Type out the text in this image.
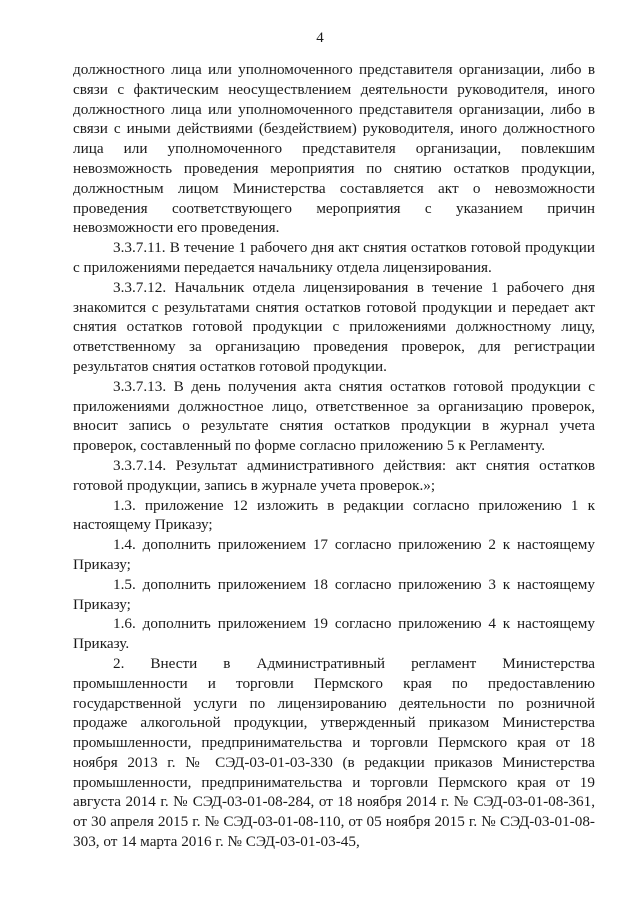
4

должностного лица или уполномоченного представителя организации, либо в связи с фактическим неосуществлением деятельности руководителя, иного должностного лица или уполномоченного представителя организации, либо в связи с иными действиями (бездействием) руководителя, иного должностного лица или уполномоченного представителя организации, повлекшим невозможность проведения мероприятия по снятию остатков продукции, должностным лицом Министерства составляется акт о невозможности проведения соответствующего мероприятия с указанием причин невозможности его проведения.

3.3.7.11. В течение 1 рабочего дня акт снятия остатков готовой продукции с приложениями передается начальнику отдела лицензирования.

3.3.7.12. Начальник отдела лицензирования в течение 1 рабочего дня знакомится с результатами снятия остатков готовой продукции и передает акт снятия остатков готовой продукции с приложениями должностному лицу, ответственному за организацию проведения проверок, для регистрации результатов снятия остатков готовой продукции.

3.3.7.13. В день получения акта снятия остатков готовой продукции с приложениями должностное лицо, ответственное за организацию проверок, вносит запись о результате снятия остатков продукции в журнал учета проверок, составленный по форме согласно приложению 5 к Регламенту.

3.3.7.14. Результат административного действия: акт снятия остатков готовой продукции, запись в журнале учета проверок.»;

1.3. приложение 12 изложить в редакции согласно приложению 1 к настоящему Приказу;

1.4. дополнить приложением 17 согласно приложению 2 к настоящему Приказу;

1.5. дополнить приложением 18 согласно приложению 3 к настоящему Приказу;

1.6. дополнить приложением 19 согласно приложению 4 к настоящему Приказу.

2. Внести в Административный регламент Министерства промышленности и торговли Пермского края по предоставлению государственной услуги по лицензированию деятельности по розничной продаже алкогольной продукции, утвержденный приказом Министерства промышленности, предпринимательства и торговли Пермского края от 18 ноября 2013 г. № СЭД-03-01-03-330 (в редакции приказов Министерства промышленности, предпринимательства и торговли Пермского края от 19 августа 2014 г. № СЭД-03-01-08-284, от 18 ноября 2014 г. № СЭД-03-01-08-361, от 30 апреля 2015 г. № СЭД-03-01-08-110, от 05 ноября 2015 г. № СЭД-03-01-08-303, от 14 марта 2016 г. № СЭД-03-01-03-45,
